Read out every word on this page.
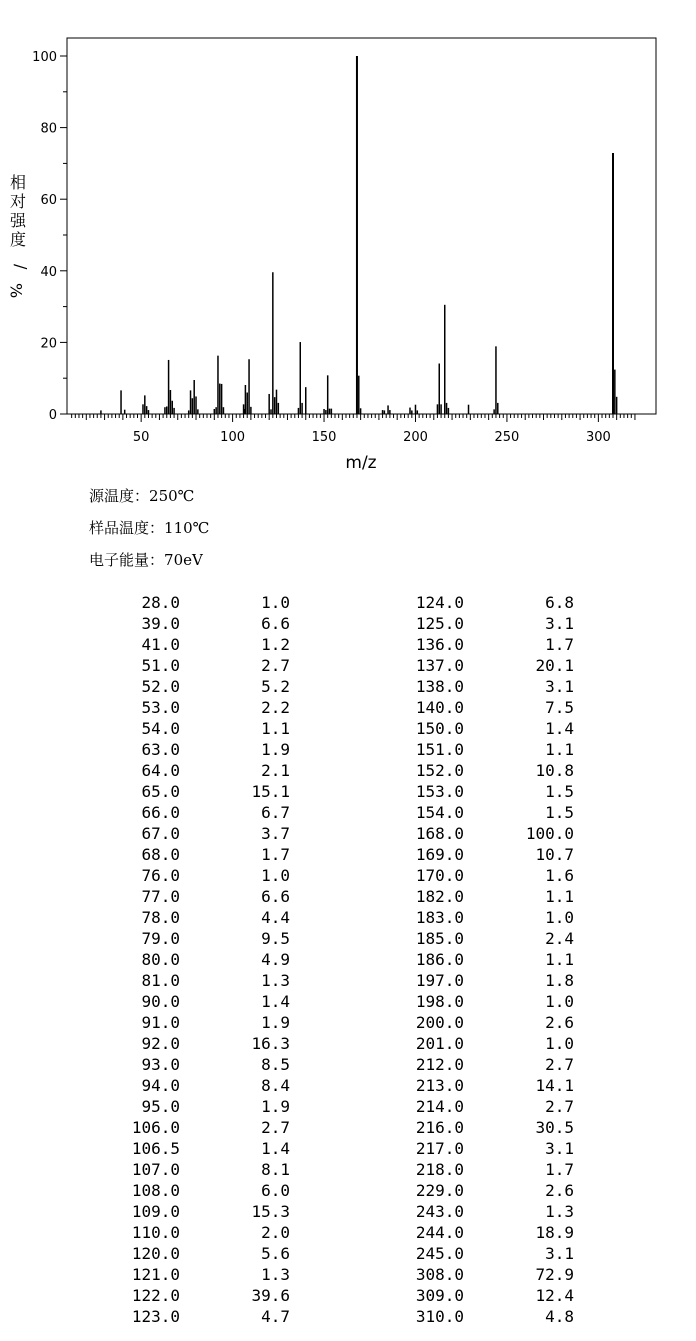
0
20
40
60
80
100
50	100	150	200	250	300
相对强度/ %
m/z
源温度：250℃
样品温度：110℃
电子能量：70eV
28.0	1.0
39.0	6.6
41.0	1.2
51.0	2.7
52.0	5.2
53.0	2.2
54.0	1.1
63.0	1.9
64.0	2.1
65.0	15.1
66.0	6.7
67.0	3.7
68.0	1.7
76.0	1.0
77.0	6.6
78.0	4.4
79.0	9.5
80.0	4.9
81.0	1.3
90.0	1.4
91.0	1.9
92.0	16.3
93.0	8.5
94.0	8.4
95.0	1.9
106.0	2.7
106.5	1.4
107.0	8.1
108.0	6.0
109.0	15.3
110.0	2.0
120.0	5.6
121.0	1.3
122.0	39.6
123.0	4.7
124.0	6.8
125.0	3.1
136.0	1.7
137.0	20.1
138.0	3.1
140.0	7.5
150.0	1.4
151.0	1.1
152.0	10.8
153.0	1.5
154.0	1.5
168.0	100.0
169.0	10.7
170.0	1.6
182.0	1.1
183.0	1.0
185.0	2.4
186.0	1.1
197.0	1.8
198.0	1.0
200.0	2.6
201.0	1.0
212.0	2.7
213.0	14.1
214.0	2.7
216.0	30.5
217.0	3.1
218.0	1.7
229.0	2.6
243.0	1.3
244.0	18.9
245.0	3.1
308.0	72.9
309.0	12.4
310.0	4.8
